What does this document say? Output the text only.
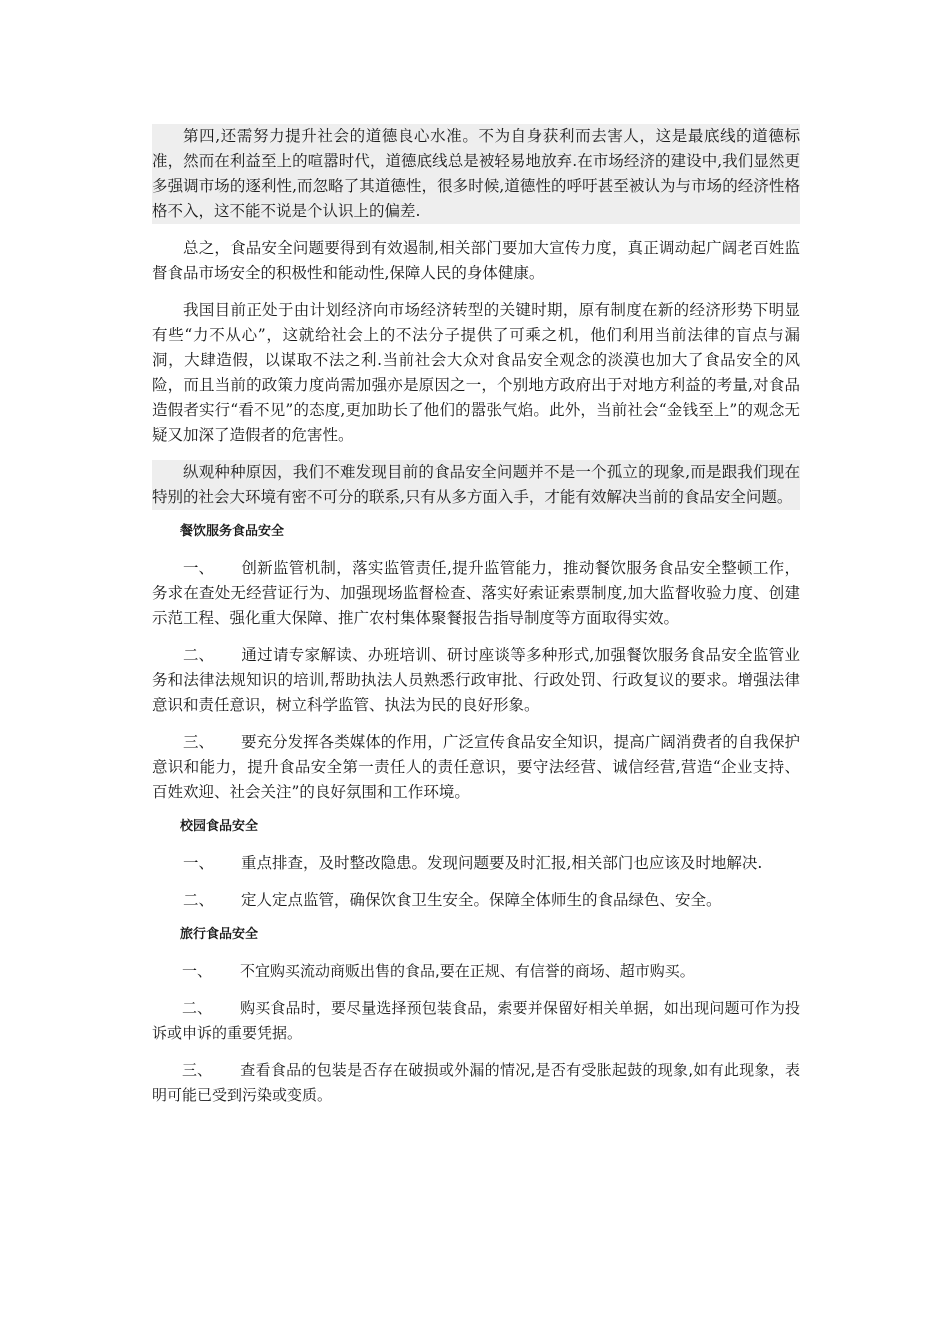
第四,还需努力提升社会的道德良心水准。不为自身获利而去害人，这是最底线的道德标准，然而在利益至上的喧嚣时代，道德底线总是被轻易地放弃.在市场经济的建设中,我们显然更多强调市场的逐利性,而忽略了其道德性，很多时候,道德性的呼吁甚至被认为与市场的经济性格格不入，这不能不说是个认识上的偏差.

总之，食品安全问题要得到有效遏制,相关部门要加大宣传力度，真正调动起广阔老百姓监督食品市场安全的积极性和能动性,保障人民的身体健康。

我国目前正处于由计划经济向市场经济转型的关键时期，原有制度在新的经济形势下明显有些“力不从心”，这就给社会上的不法分子提供了可乘之机，他们利用当前法律的盲点与漏洞，大肆造假，以谋取不法之利.当前社会大众对食品安全观念的淡漠也加大了食品安全的风险，而且当前的政策力度尚需加强亦是原因之一，个别地方政府出于对地方利益的考量,对食品造假者实行“看不见”的态度,更加助长了他们的嚣张气焰。此外，当前社会“金钱至上”的观念无疑又加深了造假者的危害性。

纵观种种原因，我们不难发现目前的食品安全问题并不是一个孤立的现象,而是跟我们现在特别的社会大环境有密不可分的联系,只有从多方面入手，才能有效解决当前的食品安全问题。

餐饮服务食品安全

一、 创新监管机制，落实监管责任,提升监管能力，推动餐饮服务食品安全整顿工作，务求在查处无经营证行为、加强现场监督检查、落实好索证索票制度,加大监督收验力度、创建示范工程、强化重大保障、推广农村集体聚餐报告指导制度等方面取得实效。

二、 通过请专家解读、办班培训、研讨座谈等多种形式,加强餐饮服务食品安全监管业务和法律法规知识的培训,帮助执法人员熟悉行政审批、行政处罚、行政复议的要求。增强法律意识和责任意识，树立科学监管、执法为民的良好形象。

三、 要充分发挥各类媒体的作用，广泛宣传食品安全知识，提高广阔消费者的自我保护意识和能力，提升食品安全第一责任人的责任意识，要守法经营、诚信经营,营造“企业支持、百姓欢迎、社会关注”的良好氛围和工作环境。

校园食品安全

一、 重点排查，及时整改隐患。发现问题要及时汇报,相关部门也应该及时地解决.

二、 定人定点监管，确保饮食卫生安全。保障全体师生的食品绿色、安全。

旅行食品安全

一、 不宜购买流动商贩出售的食品,要在正规、有信誉的商场、超市购买。

二、 购买食品时，要尽量选择预包装食品，索要并保留好相关单据，如出现问题可作为投诉或申诉的重要凭据。

三、 查看食品的包装是否存在破损或外漏的情况,是否有受胀起鼓的现象,如有此现象，表明可能已受到污染或变质。
